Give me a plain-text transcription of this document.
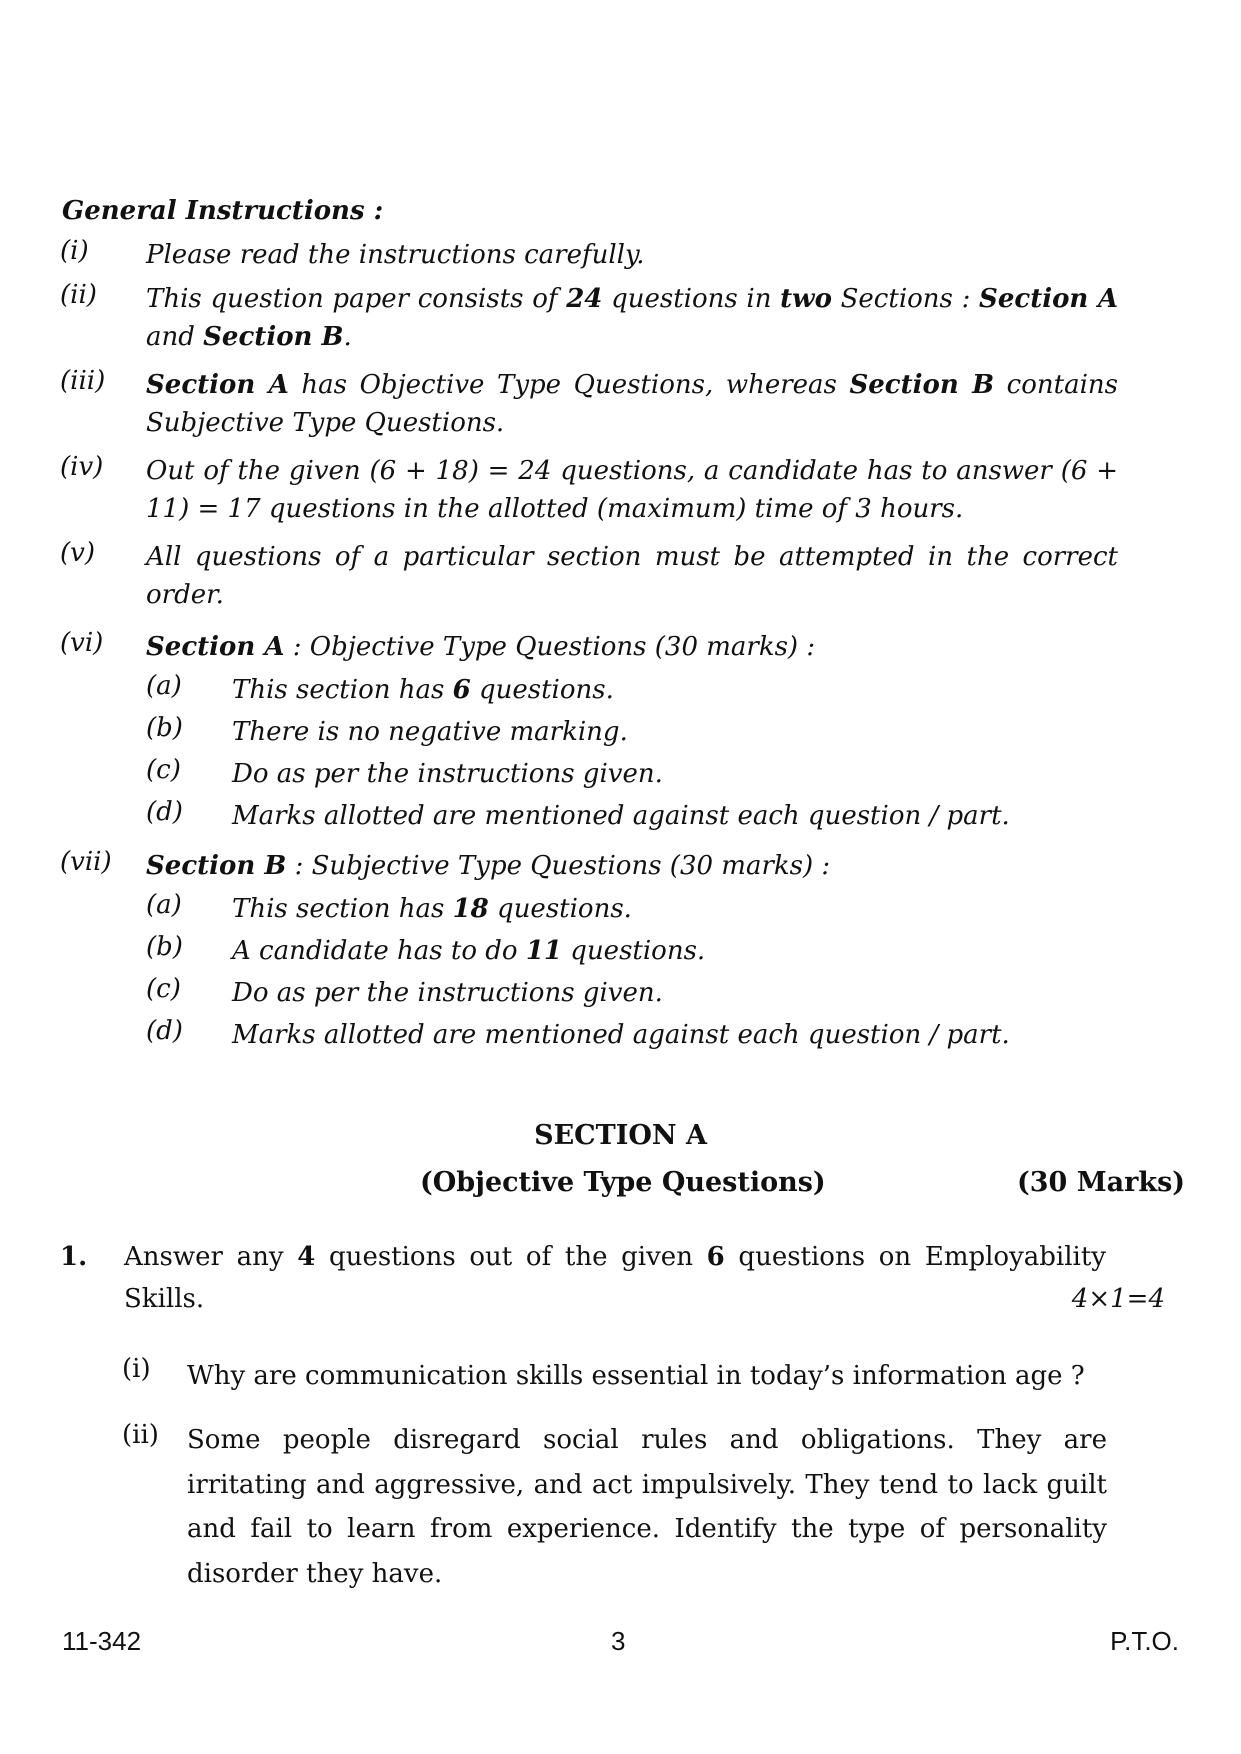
General Instructions :
(i) Please read the instructions carefully.
(ii) This question paper consists of 24 questions in two Sections : Section A and Section B.
(iii) Section A has Objective Type Questions, whereas Section B contains Subjective Type Questions.
(iv) Out of the given (6 + 18) = 24 questions, a candidate has to answer (6 + 11) = 17 questions in the allotted (maximum) time of 3 hours.
(v) All questions of a particular section must be attempted in the correct order.
(vi) Section A : Objective Type Questions (30 marks) :
(a) This section has 6 questions.
(b) There is no negative marking.
(c) Do as per the instructions given.
(d) Marks allotted are mentioned against each question / part.
(vii) Section B : Subjective Type Questions (30 marks) :
(a) This section has 18 questions.
(b) A candidate has to do 11 questions.
(c) Do as per the instructions given.
(d) Marks allotted are mentioned against each question / part.
SECTION A
(Objective Type Questions)	(30 Marks)
1. Answer any 4 questions out of the given 6 questions on Employability Skills.	4×1=4
(i) Why are communication skills essential in today’s information age ?
(ii) Some people disregard social rules and obligations. They are irritating and aggressive, and act impulsively. They tend to lack guilt and fail to learn from experience. Identify the type of personality disorder they have.
11-342	3	P.T.O.
